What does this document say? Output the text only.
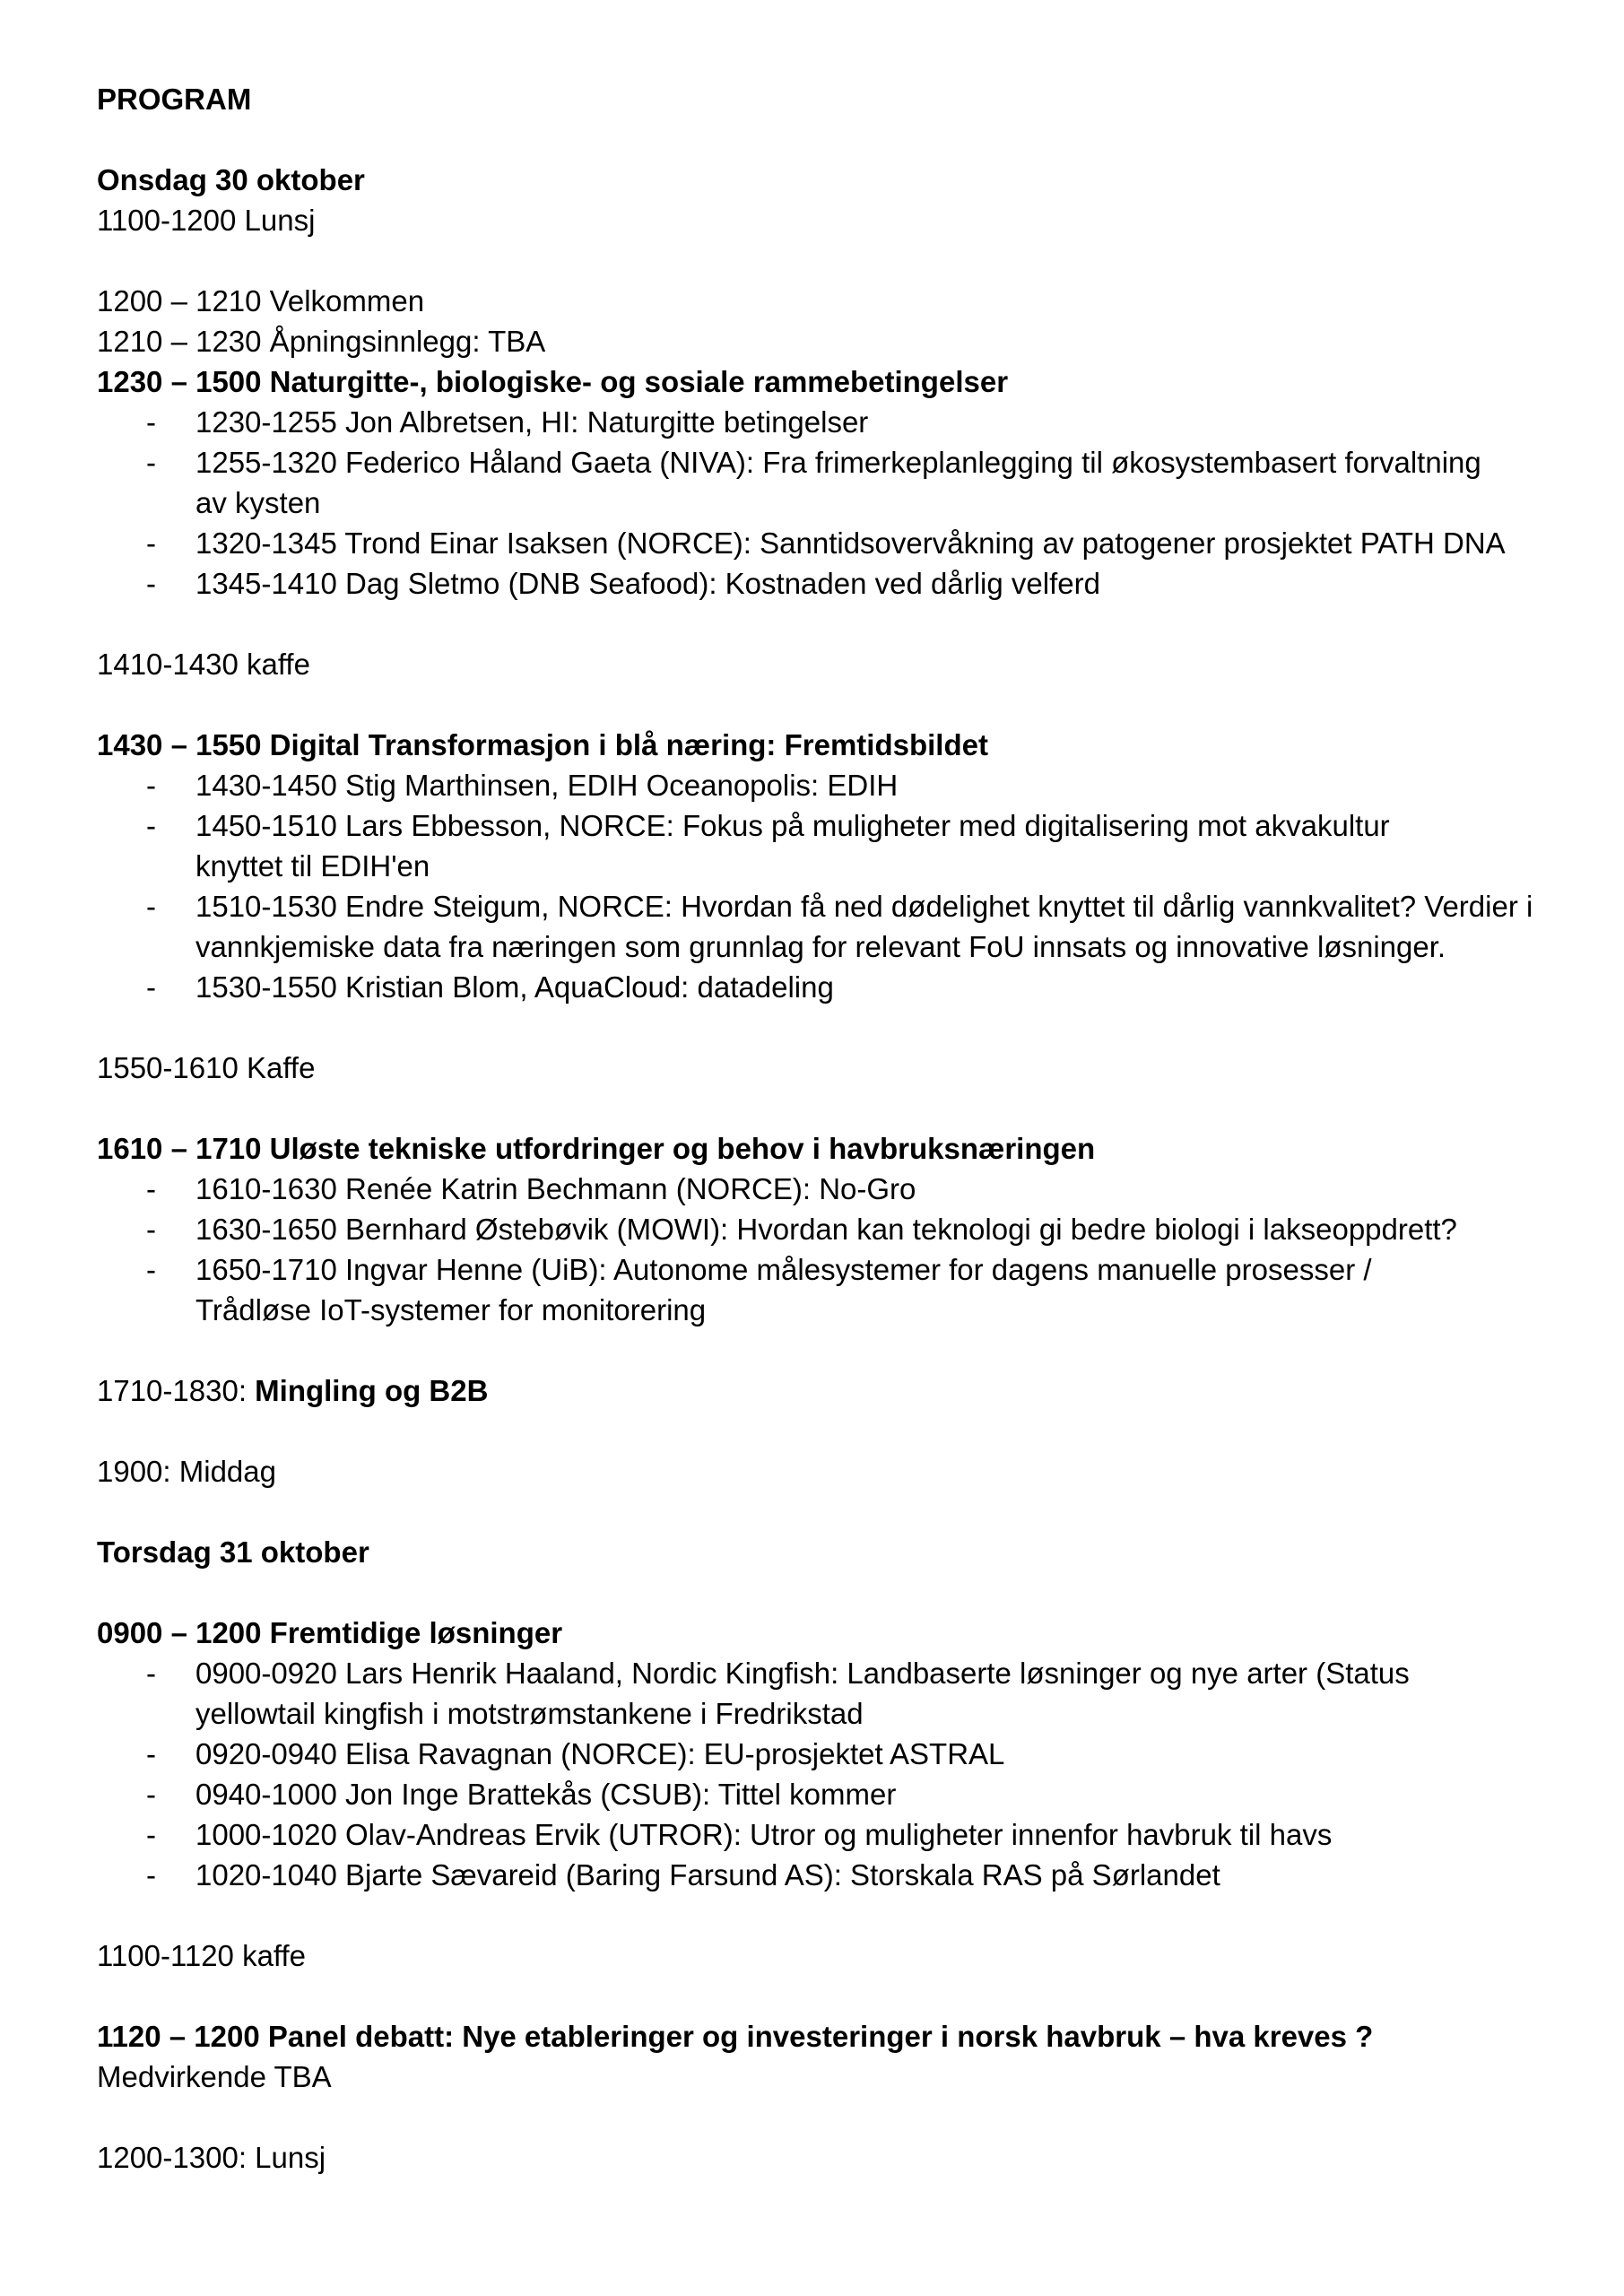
PROGRAM
Onsdag 30 oktober
1100-1200 Lunsj
1200 – 1210 Velkommen
1210 – 1230 Åpningsinnlegg: TBA
1230 – 1500 Naturgitte-, biologiske- og sosiale rammebetingelser
- 1230-1255 Jon Albretsen, HI: Naturgitte betingelser
- 1255-1320 Federico Håland Gaeta (NIVA): Fra frimerkeplanlegging til økosystembasert forvaltning
av kysten
- 1320-1345 Trond Einar Isaksen (NORCE): Sanntidsovervåkning av patogener prosjektet PATH DNA
- 1345-1410 Dag Sletmo (DNB Seafood): Kostnaden ved dårlig velferd
1410-1430 kaffe
1430 – 1550 Digital Transformasjon i blå næring: Fremtidsbildet
- 1430-1450 Stig Marthinsen, EDIH Oceanopolis: EDIH
- 1450-1510 Lars Ebbesson, NORCE: Fokus på muligheter med digitalisering mot akvakultur
knyttet til EDIH'en
- 1510-1530 Endre Steigum, NORCE: Hvordan få ned dødelighet knyttet til dårlig vannkvalitet? Verdier i
vannkjemiske data fra næringen som grunnlag for relevant FoU innsats og innovative løsninger.
- 1530-1550 Kristian Blom, AquaCloud: datadeling
1550-1610 Kaffe
1610 – 1710 Uløste tekniske utfordringer og behov i havbruksnæringen
- 1610-1630 Renée Katrin Bechmann (NORCE): No-Gro
- 1630-1650 Bernhard Østebøvik (MOWI): Hvordan kan teknologi gi bedre biologi i lakseoppdrett?
- 1650-1710 Ingvar Henne (UiB): Autonome målesystemer for dagens manuelle prosesser /
Trådløse IoT-systemer for monitorering
1710-1830: Mingling og B2B
1900: Middag
Torsdag 31 oktober
0900 – 1200 Fremtidige løsninger
- 0900-0920 Lars Henrik Haaland, Nordic Kingfish: Landbaserte løsninger og nye arter (Status
yellowtail kingfish i motstrømstankene i Fredrikstad
- 0920-0940 Elisa Ravagnan (NORCE): EU-prosjektet ASTRAL
- 0940-1000 Jon Inge Brattekås (CSUB): Tittel kommer
- 1000-1020 Olav-Andreas Ervik (UTROR): Utror og muligheter innenfor havbruk til havs
- 1020-1040 Bjarte Sævareid (Baring Farsund AS): Storskala RAS på Sørlandet
1100-1120 kaffe
1120 – 1200 Panel debatt: Nye etableringer og investeringer i norsk havbruk – hva kreves ?
Medvirkende TBA
1200-1300: Lunsj
